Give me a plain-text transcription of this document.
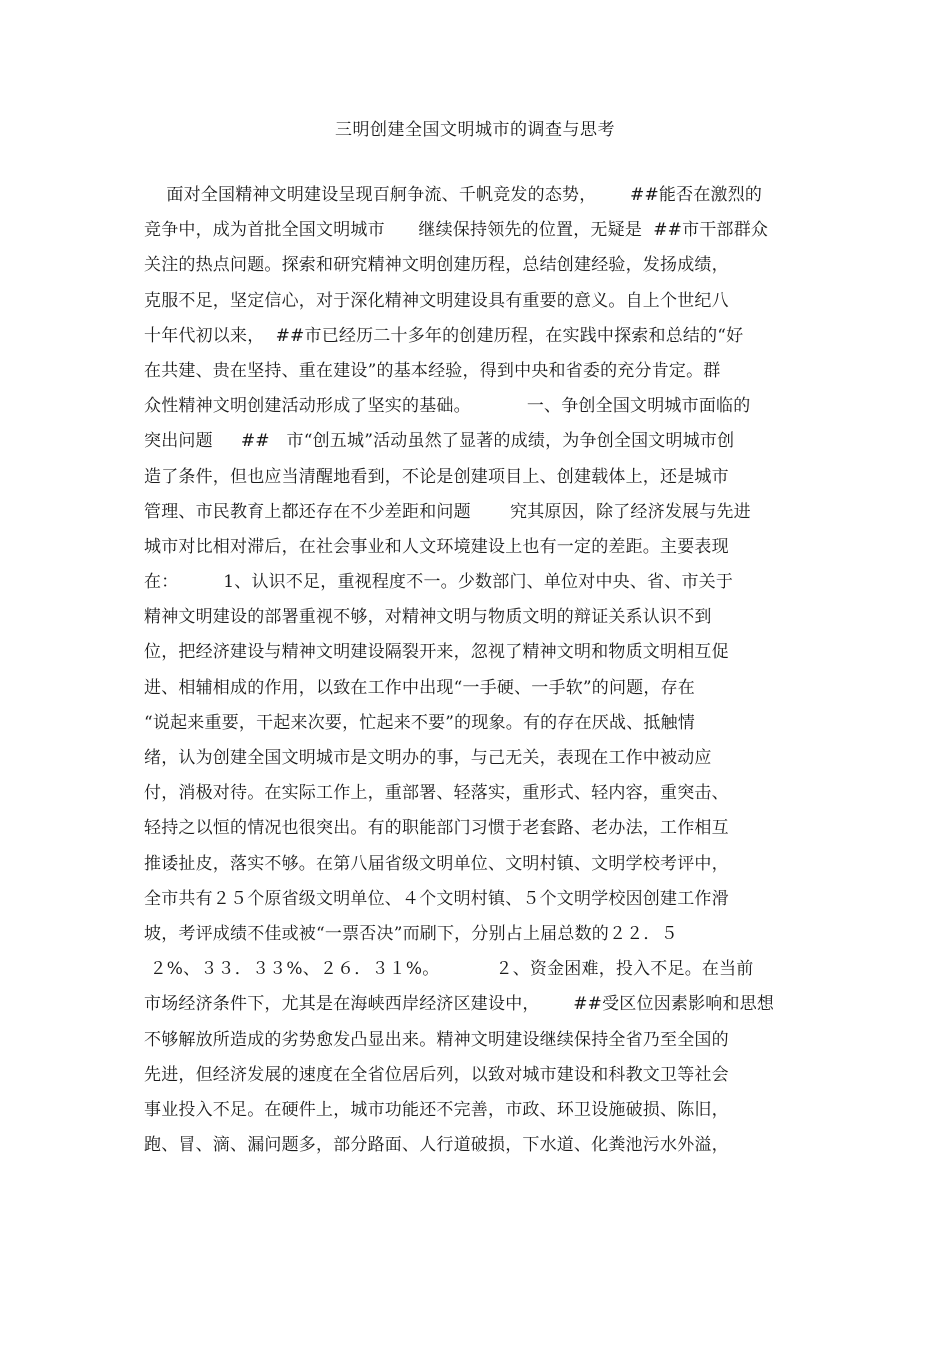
三明创建全国文明城市的调查与思考
面对全国精神文明建设呈现百舸争流、千帆竞发的态势，      ##能否在激烈的
竞争中，成为首批全国文明城市      继续保持领先的位置，无疑是  ##市干部群众
关注的热点问题。探索和研究精神文明创建历程，总结创建经验，发扬成绩，
克服不足，坚定信心，对于深化精神文明建设具有重要的意义。自上个世纪八
十年代初以来，  ##市已经历二十多年的创建历程，在实践中探索和总结的“好
在共建、贵在坚持、重在建设”的基本经验，得到中央和省委的充分肯定。群
众性精神文明创建活动形成了坚实的基础。          一、争创全国文明城市面临的
突出问题     ##   市“创五城”活动虽然了显著的成绩，为争创全国文明城市创
造了条件，但也应当清醒地看到，不论是创建项目上、创建载体上，还是城市
管理、市民教育上都还存在不少差距和问题       究其原因，除了经济发展与先进
城市对比相对滞后，在社会事业和人文环境建设上也有一定的差距。主要表现
在：        1、认识不足，重视程度不一。少数部门、单位对中央、省、市关于
精神文明建设的部署重视不够，对精神文明与物质文明的辩证关系认识不到
位，把经济建设与精神文明建设隔裂开来，忽视了精神文明和物质文明相互促
进、相辅相成的作用，以致在工作中出现“一手硬、一手软”的问题，存在
“说起来重要，干起来次要，忙起来不要”的现象。有的存在厌战、抵触情
绪，认为创建全国文明城市是文明办的事，与己无关，表现在工作中被动应
付，消极对待。在实际工作上，重部署、轻落实，重形式、轻内容，重突击、
轻持之以恒的情况也很突出。有的职能部门习惯于老套路、老办法，工作相互
推诿扯皮，落实不够。在第八届省级文明单位、文明村镇、文明学校考评中，
全市共有２５个原省级文明单位、４个文明村镇、５个文明学校因创建工作滑
坡，考评成绩不佳或被“一票否决”而刷下，分别占上届总数的２２．５
２%、３３．３３%、２６．３１%。          ２、资金困难，投入不足。在当前
市场经济条件下，尤其是在海峡西岸经济区建设中，      ##受区位因素影响和思想
不够解放所造成的劣势愈发凸显出来。精神文明建设继续保持全省乃至全国的
先进，但经济发展的速度在全省位居后列，以致对城市建设和科教文卫等社会
事业投入不足。在硬件上，城市功能还不完善，市政、环卫设施破损、陈旧，
跑、冒、滴、漏问题多，部分路面、人行道破损，下水道、化粪池污水外溢，
